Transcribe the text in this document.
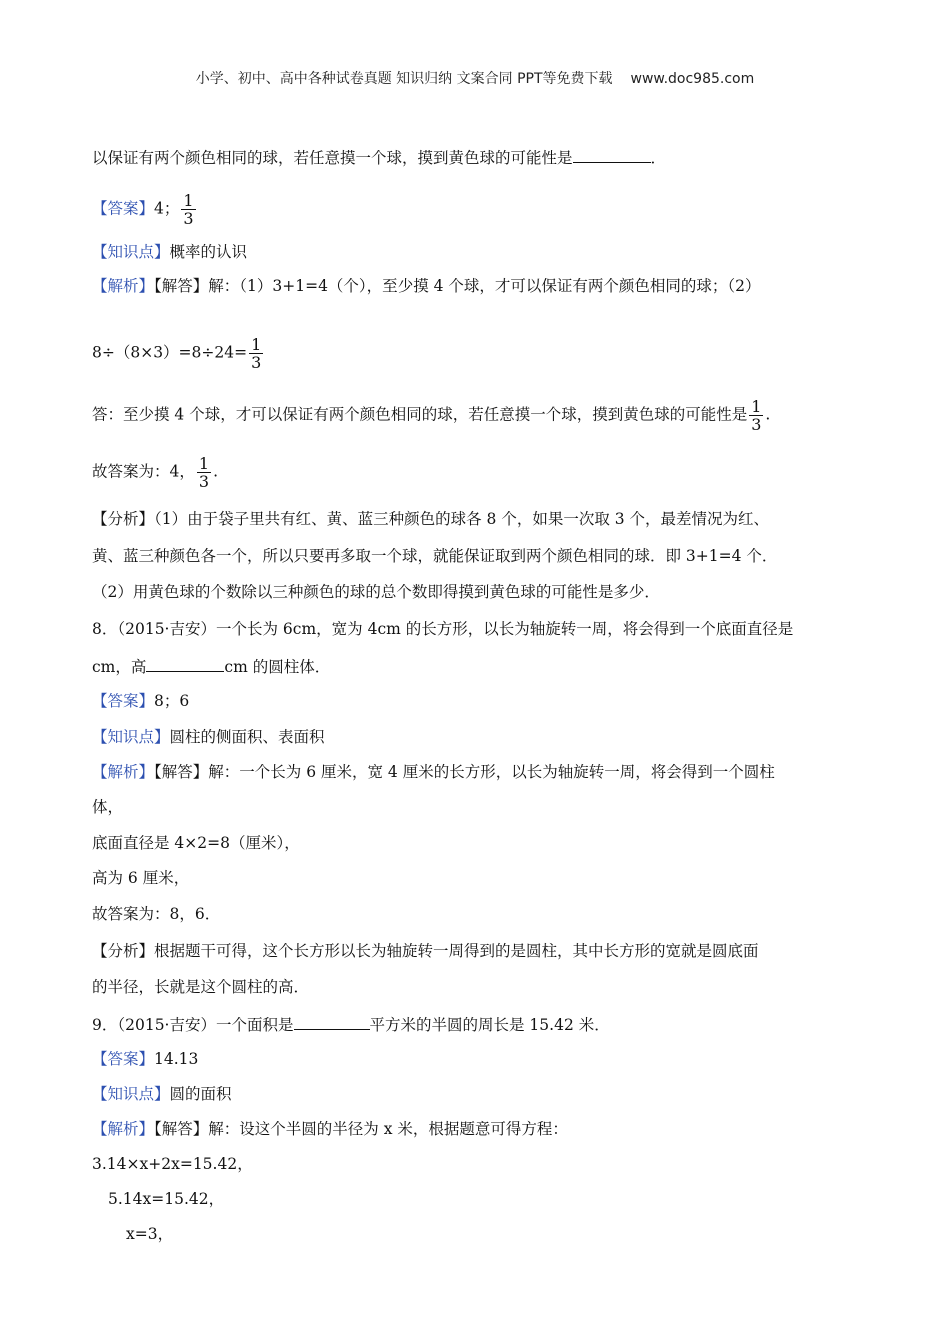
小学、初中、高中各种试卷真题 知识归纳 文案合同 PPT等免费下载 www.doc985.com
以保证有两个颜色相同的球，若任意摸一个球，摸到黄色球的可能性是	．
【答案】4； $\frac{1}{3}$
【知识点】概率的认识
【解析】【解答】解：（1）3+1=4（个），至少摸 4 个球，才可以保证有两个颜色相同的球；（2）
$8\div(8\times 3)=8\div 24= \frac{1}{3}$
答：至少摸 4 个球，才可以保证有两个颜色相同的球，若任意摸一个球，摸到黄色球的可能性是 $\frac{1}{3}$ .
故答案为：4， $\frac{1}{3}$ .
【分析】（1）由于袋子里共有红、黄、蓝三种颜色的球各 8 个，如果一次取 3 个，最差情况为红、
黄、蓝三种颜色各一个，所以只要再多取一个球，就能保证取到两个颜色相同的球．即 3+1=4 个．
（2）用黄色球的个数除以三种颜色的球的总个数即得摸到黄色球的可能性是多少．
8．（2015·吉安）一个长为 6cm，宽为 4cm 的长方形，以长为轴旋转一周，将会得到一个底面直径是
cm，高	cm 的圆柱体．
【答案】8；6
【知识点】圆柱的侧面积、表面积
【解析】【解答】解：一个长为 6 厘米，宽 4 厘米的长方形，以长为轴旋转一周，将会得到一个圆柱
体，
底面直径是 4×2=8（厘米），
高为 6 厘米，
故答案为：8，6．
【分析】根据题干可得，这个长方形以长为轴旋转一周得到的是圆柱，其中长方形的宽就是圆底面
的半径，长就是这个圆柱的高．
9．（2015·吉安）一个面积是	平方米的半圆的周长是 15.42 米．
【答案】14.13
【知识点】圆的面积
【解析】【解答】解：设这个半圆的半径为 x 米，根据题意可得方程：
3.14×x+2x=15.42，
5.14x=15.42，
x=3，
